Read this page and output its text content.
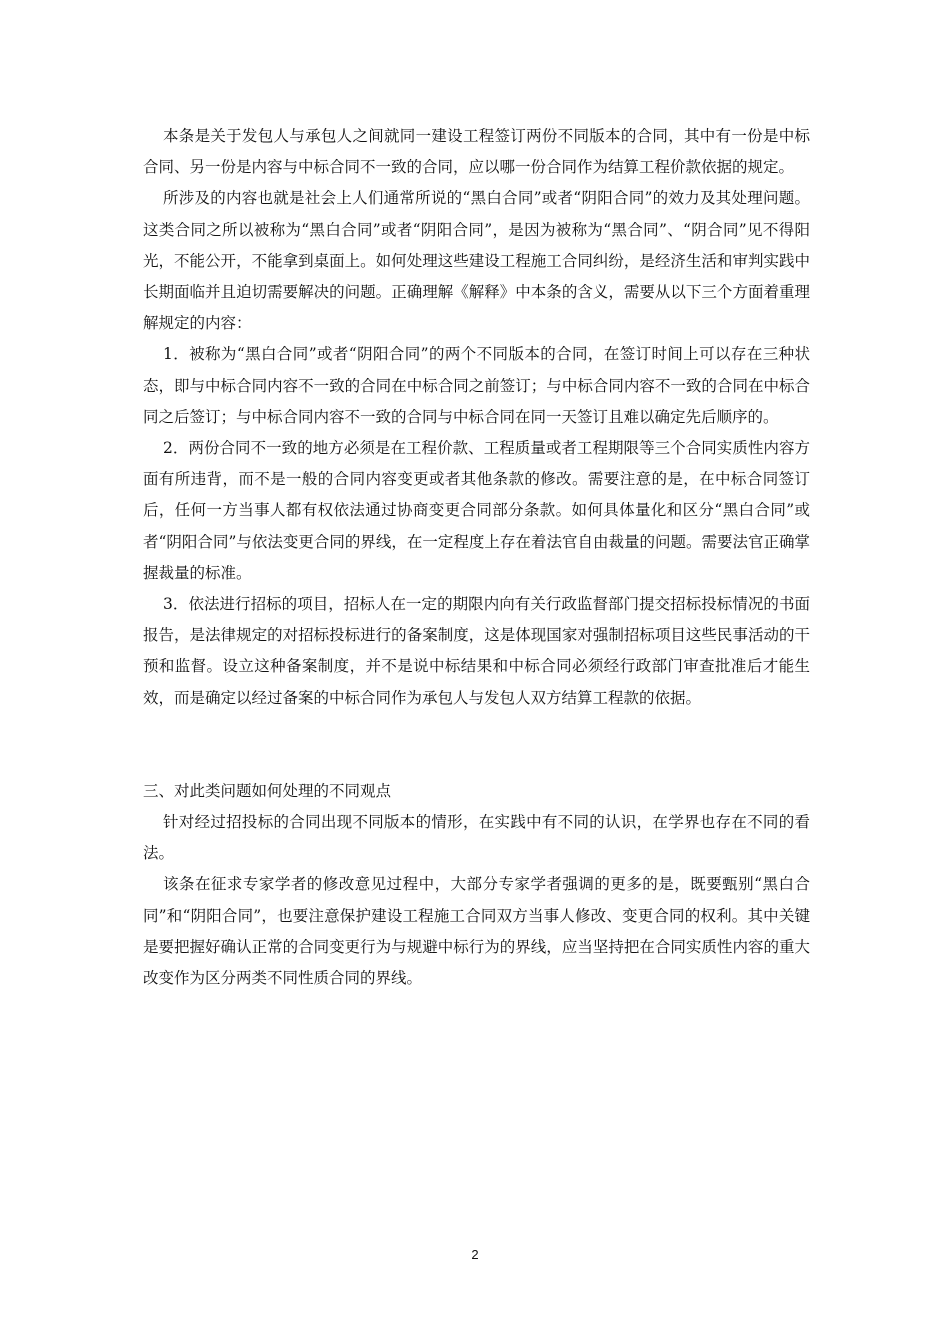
本条是关于发包人与承包人之间就同一建设工程签订两份不同版本的合同，其中有一份是中标合同、另一份是内容与中标合同不一致的合同，应以哪一份合同作为结算工程价款依据的规定。

所涉及的内容也就是社会上人们通常所说的“黑白合同”或者“阴阳合同”的效力及其处理问题。这类合同之所以被称为“黑白合同”或者“阴阳合同”，是因为被称为“黑合同”、“阴合同”见不得阳光，不能公开，不能拿到桌面上。如何处理这些建设工程施工合同纠纷，是经济生活和审判实践中长期面临并且迫切需要解决的问题。正确理解《解释》中本条的含义，需要从以下三个方面着重理解规定的内容：

1．被称为“黑白合同”或者“阴阳合同”的两个不同版本的合同，在签订时间上可以存在三种状态，即与中标合同内容不一致的合同在中标合同之前签订；与中标合同内容不一致的合同在中标合同之后签订；与中标合同内容不一致的合同与中标合同在同一天签订且难以确定先后顺序的。

2．两份合同不一致的地方必须是在工程价款、工程质量或者工程期限等三个合同实质性内容方面有所违背，而不是一般的合同内容变更或者其他条款的修改。需要注意的是，在中标合同签订后，任何一方当事人都有权依法通过协商变更合同部分条款。如何具体量化和区分“黑白合同”或者“阴阳合同”与依法变更合同的界线，在一定程度上存在着法官自由裁量的问题。需要法官正确掌握裁量的标准。

3．依法进行招标的项目，招标人在一定的期限内向有关行政监督部门提交招标投标情况的书面报告，是法律规定的对招标投标进行的备案制度，这是体现国家对强制招标项目这些民事活动的干预和监督。设立这种备案制度，并不是说中标结果和中标合同必须经行政部门审查批准后才能生效，而是确定以经过备案的中标合同作为承包人与发包人双方结算工程款的依据。

三、对此类问题如何处理的不同观点

针对经过招投标的合同出现不同版本的情形，在实践中有不同的认识，在学界也存在不同的看法。

该条在征求专家学者的修改意见过程中，大部分专家学者强调的更多的是，既要甄别“黑白合同”和“阴阳合同”，也要注意保护建设工程施工合同双方当事人修改、变更合同的权利。其中关键是要把握好确认正常的合同变更行为与规避中标行为的界线，应当坚持把在合同实质性内容的重大改变作为区分两类不同性质合同的界线。

2
